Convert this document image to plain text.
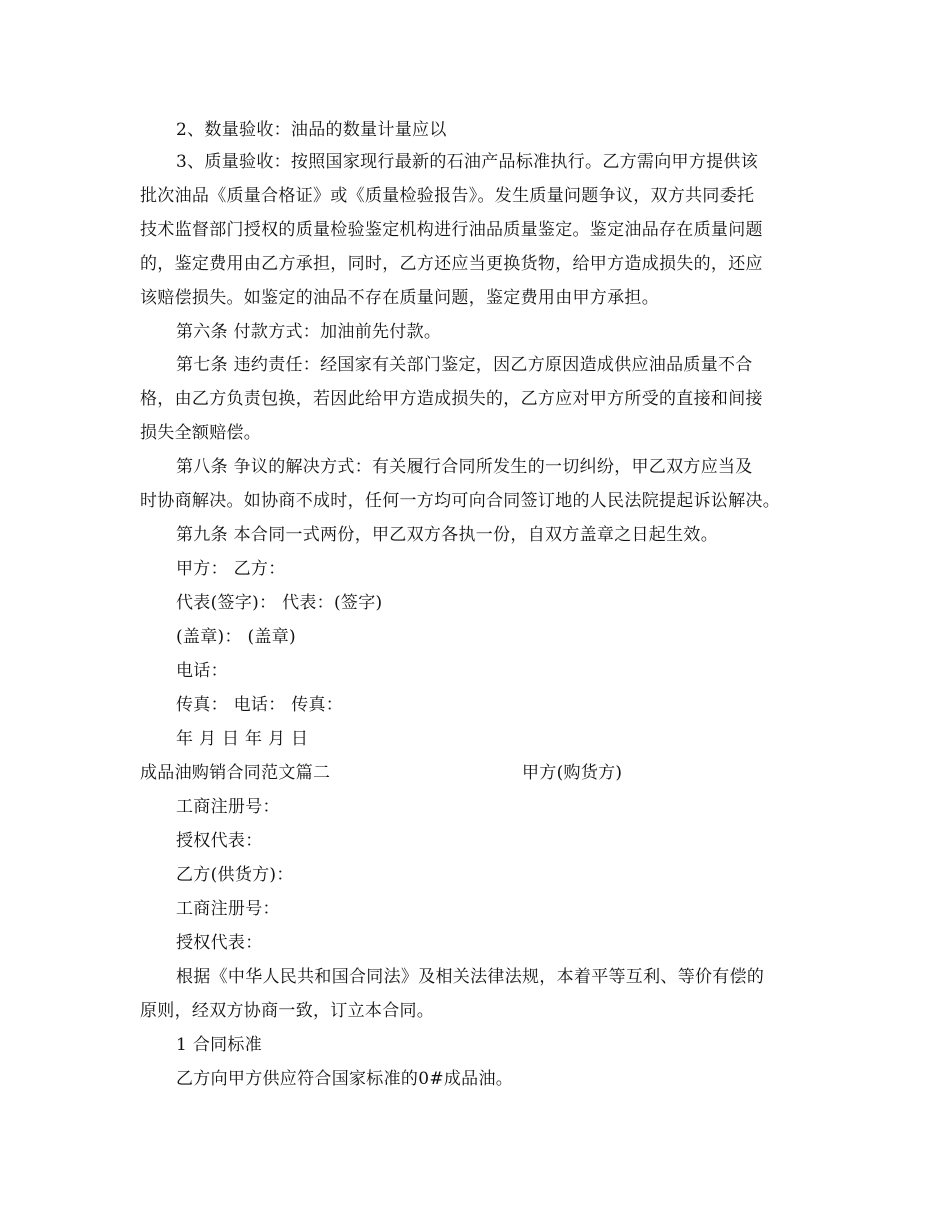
2、数量验收：油品的数量计量应以
3、质量验收：按照国家现行最新的石油产品标准执行。乙方需向甲方提供该
批次油品《质量合格证》或《质量检验报告》。发生质量问题争议，双方共同委托
技术监督部门授权的质量检验鉴定机构进行油品质量鉴定。鉴定油品存在质量问题
的，鉴定费用由乙方承担，同时，乙方还应当更换货物，给甲方造成损失的，还应
该赔偿损失。如鉴定的油品不存在质量问题，鉴定费用由甲方承担。
第六条 付款方式：加油前先付款。
第七条 违约责任：经国家有关部门鉴定，因乙方原因造成供应油品质量不合
格，由乙方负责包换，若因此给甲方造成损失的，乙方应对甲方所受的直接和间接
损失全额赔偿。
第八条 争议的解决方式：有关履行合同所发生的一切纠纷，甲乙双方应当及
时协商解决。如协商不成时，任何一方均可向合同签订地的人民法院提起诉讼解决。
第九条 本合同一式两份，甲乙双方各执一份，自双方盖章之日起生效。
甲方： 乙方：
代表(签字)： 代表：(签字)
(盖章)： (盖章)
电话：
传真： 电话： 传真：
年 月 日 年 月 日
成品油购销合同范文篇二	甲方(购货方)
工商注册号：
授权代表：
乙方(供货方)：
工商注册号：
授权代表：
根据《中华人民共和国合同法》及相关法律法规，本着平等互利、等价有偿的
原则，经双方协商一致，订立本合同。
1 合同标准
乙方向甲方供应符合国家标准的0#成品油。
